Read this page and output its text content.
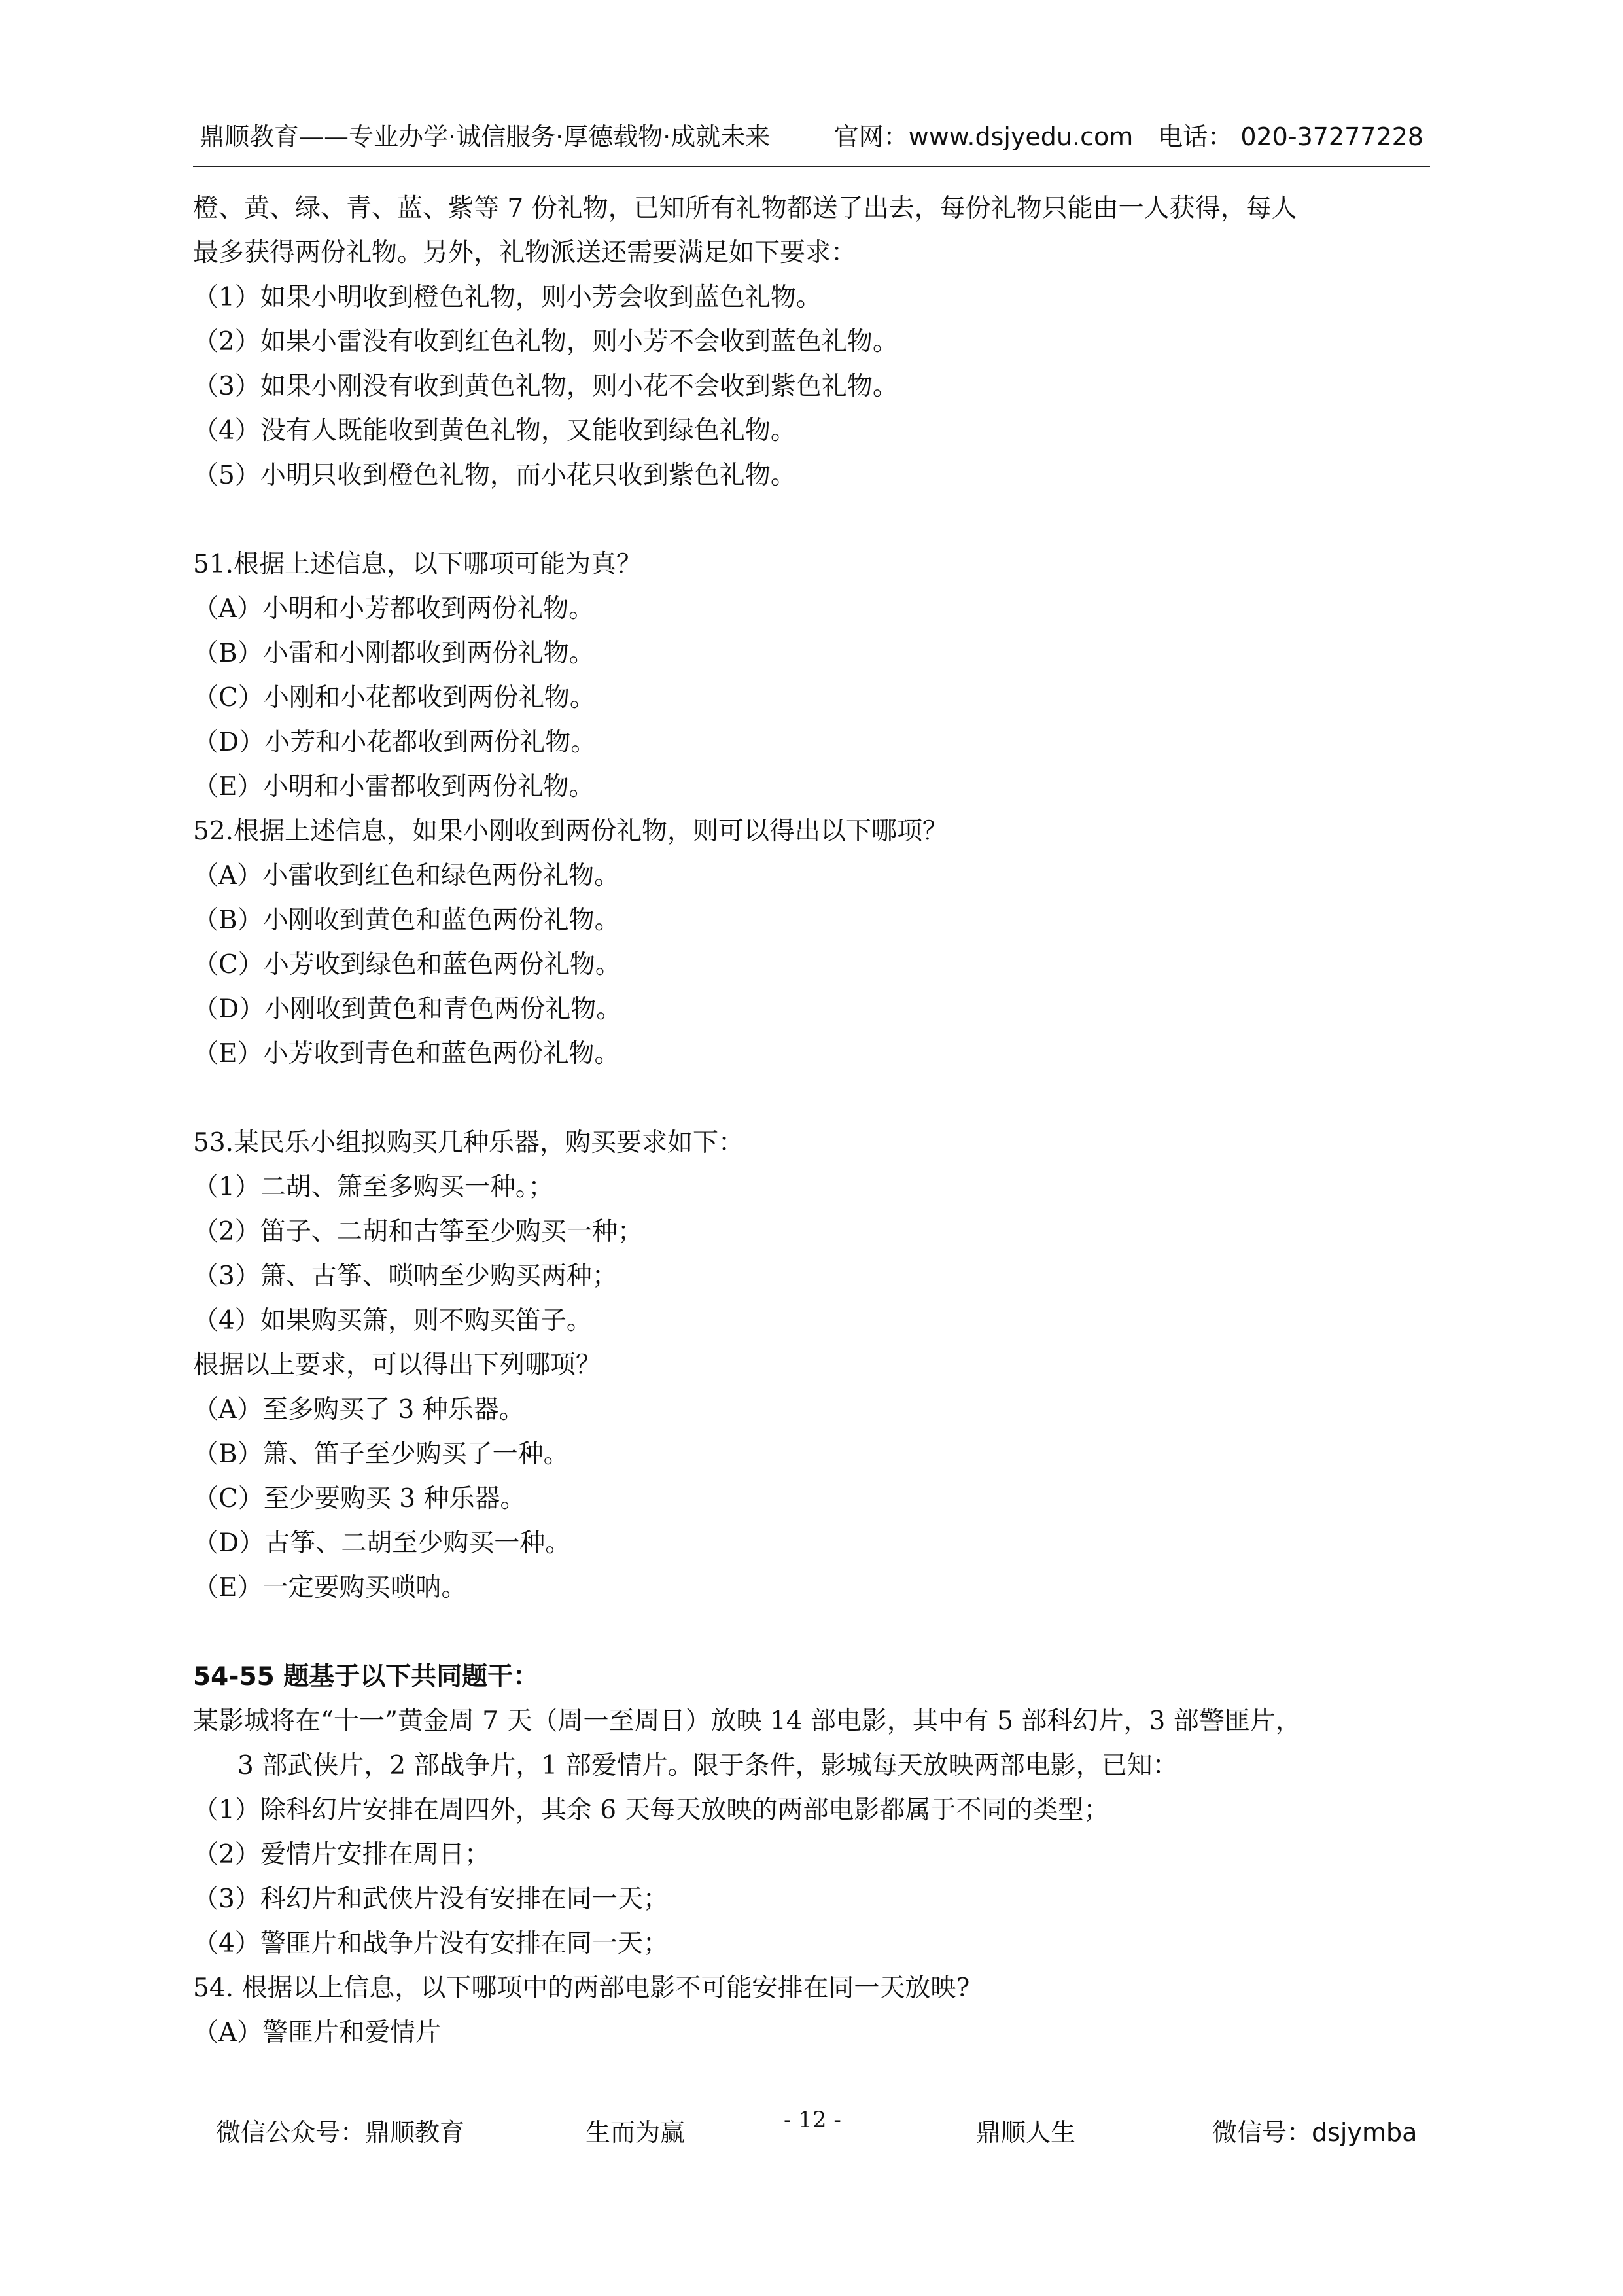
鼎顺教育——专业办学·诚信服务·厚德载物·成就未来	官网：www.dsjyedu.com 电话： 020-37277228
橙、黄、绿、青、蓝、紫等 7 份礼物，已知所有礼物都送了出去，每份礼物只能由一人获得，每人
最多获得两份礼物。另外，礼物派送还需要满足如下要求：
（1）如果小明收到橙色礼物，则小芳会收到蓝色礼物。
（2）如果小雷没有收到红色礼物，则小芳不会收到蓝色礼物。
（3）如果小刚没有收到黄色礼物，则小花不会收到紫色礼物。
（4）没有人既能收到黄色礼物，又能收到绿色礼物。
（5）小明只收到橙色礼物，而小花只收到紫色礼物。
51.根据上述信息，以下哪项可能为真？
（A）小明和小芳都收到两份礼物。
（B）小雷和小刚都收到两份礼物。
（C）小刚和小花都收到两份礼物。
（D）小芳和小花都收到两份礼物。
（E）小明和小雷都收到两份礼物。
52.根据上述信息，如果小刚收到两份礼物，则可以得出以下哪项？
（A）小雷收到红色和绿色两份礼物。
（B）小刚收到黄色和蓝色两份礼物。
（C）小芳收到绿色和蓝色两份礼物。
（D）小刚收到黄色和青色两份礼物。
（E）小芳收到青色和蓝色两份礼物。
53.某民乐小组拟购买几种乐器，购买要求如下：
（1）二胡、箫至多购买一种。；
（2）笛子、二胡和古筝至少购买一种；
（3）箫、古筝、唢呐至少购买两种；
（4）如果购买箫，则不购买笛子。
根据以上要求，可以得出下列哪项？
（A）至多购买了 3 种乐器。
（B）箫、笛子至少购买了一种。
（C）至少要购买 3 种乐器。
（D）古筝、二胡至少购买一种。
（E）一定要购买唢呐。
54-55 题基于以下共同题干：
某影城将在“十一”黄金周 7 天（周一至周日）放映 14 部电影，其中有 5 部科幻片，3 部警匪片，
3 部武侠片，2 部战争片，1 部爱情片。限于条件，影城每天放映两部电影，已知：
（1）除科幻片安排在周四外，其余 6 天每天放映的两部电影都属于不同的类型；
（2）爱情片安排在周日；
（3）科幻片和武侠片没有安排在同一天；
（4）警匪片和战争片没有安排在同一天；
54. 根据以上信息，以下哪项中的两部电影不可能安排在同一天放映?
（A）警匪片和爱情片
微信公众号：鼎顺教育	生而为赢	- 12 -	鼎顺人生	微信号：dsjymba
